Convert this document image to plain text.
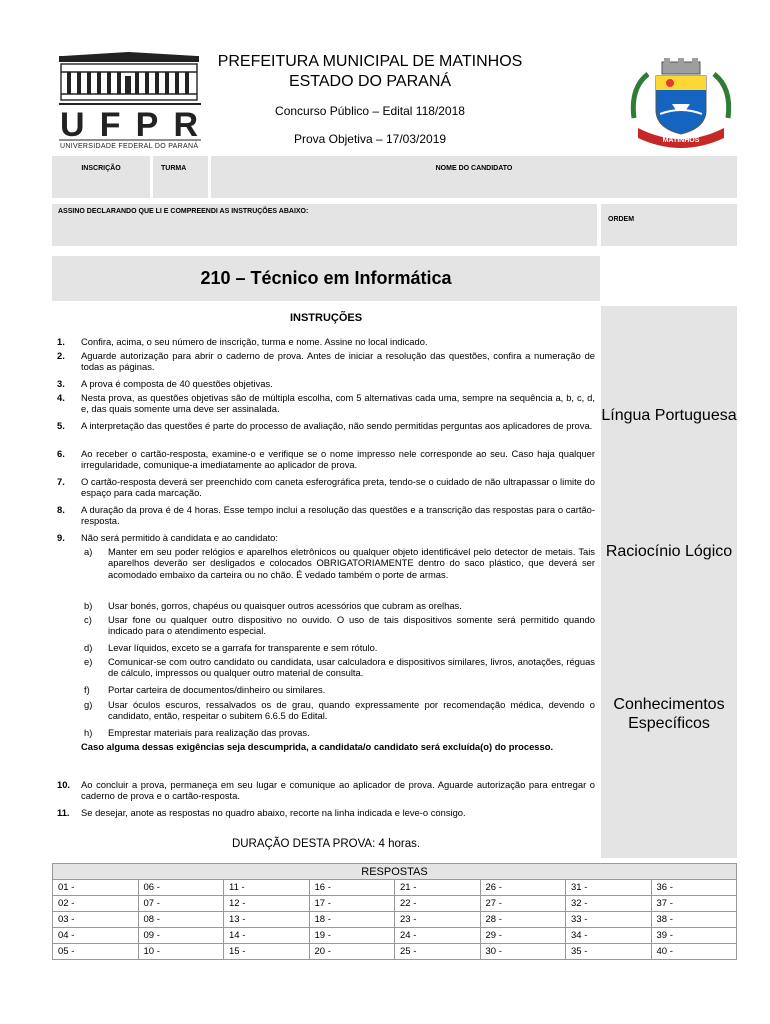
UFPR
UNIVERSIDADE FEDERAL DO PARANÁ
PREFEITURA MUNICIPAL DE MATINHOS
ESTADO DO PARANÁ
Concurso Público – Edital 118/2018
Prova Objetiva – 17/03/2019	MATINHOS
INSCRIÇÃO	TURMA	NOME DO CANDIDATO
ASSINO DECLARANDO QUE LI E COMPREENDI AS INSTRUÇÕES ABAIXO:
ORDEM
210 – Técnico em Informática
Língua Portuguesa
Raciocínio Lógico
Conhecimentos Específicos
INSTRUÇÕES
1. Confira, acima, o seu número de inscrição, turma e nome. Assine no local indicado.
2. Aguarde autorização para abrir o caderno de prova. Antes de iniciar a resolução das questões, confira a numeração de todas as páginas.
3. A prova é composta de 40 questões objetivas.
4. Nesta prova, as questões objetivas são de múltipla escolha, com 5 alternativas cada uma, sempre na sequência a, b, c, d, e, das quais somente uma deve ser assinalada.
5. A interpretação das questões é parte do processo de avaliação, não sendo permitidas perguntas aos aplicadores de prova.
6. Ao receber o cartão-resposta, examine-o e verifique se o nome impresso nele corresponde ao seu. Caso haja qualquer irregularidade, comunique-a imediatamente ao aplicador de prova.
7. O cartão-resposta deverá ser preenchido com caneta esferográfica preta, tendo-se o cuidado de não ultrapassar o limite do espaço para cada marcação.
8. A duração da prova é de 4 horas. Esse tempo inclui a resolução das questões e a transcrição das respostas para o cartão-resposta.
9. Não será permitido à candidata e ao candidato:
a) Manter em seu poder relógios e aparelhos eletrônicos ou qualquer objeto identificável pelo detector de metais. Tais aparelhos deverão ser desligados e colocados OBRIGATORIAMENTE dentro do saco plástico, que deverá ser acomodado embaixo da carteira ou no chão. É vedado também o porte de armas.
b) Usar bonés, gorros, chapéus ou quaisquer outros acessórios que cubram as orelhas.
c) Usar fone ou qualquer outro dispositivo no ouvido. O uso de tais dispositivos somente será permitido quando indicado para o atendimento especial.
d) Levar líquidos, exceto se a garrafa for transparente e sem rótulo.
e) Comunicar-se com outro candidato ou candidata, usar calculadora e dispositivos similares, livros, anotações, réguas de cálculo, impressos ou qualquer outro material de consulta.
f) Portar carteira de documentos/dinheiro ou similares.
g) Usar óculos escuros, ressalvados os de grau, quando expressamente por recomendação médica, devendo o candidato, então, respeitar o subitem 6.6.5 do Edital.
h) Emprestar materiais para realização das provas.
Caso alguma dessas exigências seja descumprida, a candidata/o candidato será excluída(o) do processo.
10. Ao concluir a prova, permaneça em seu lugar e comunique ao aplicador de prova. Aguarde autorização para entregar o caderno de prova e o cartão-resposta.
11. Se desejar, anote as respostas no quadro abaixo, recorte na linha indicada e leve-o consigo.
DURAÇÃO DESTA PROVA: 4 horas.
RESPOSTAS							
01 -	06 -	11 -	16 -	21 -	26 -	31 -	36 -
02 -	07 -	12 -	17 -	22 -	27 -	32 -	37 -
03 -	08 -	13 -	18 -	23 -	28 -	33 -	38 -
04 -	09 -	14 -	19 -	24 -	29 -	34 -	39 -
05 -	10 -	15 -	20 -	25 -	30 -	35 -	40 -
